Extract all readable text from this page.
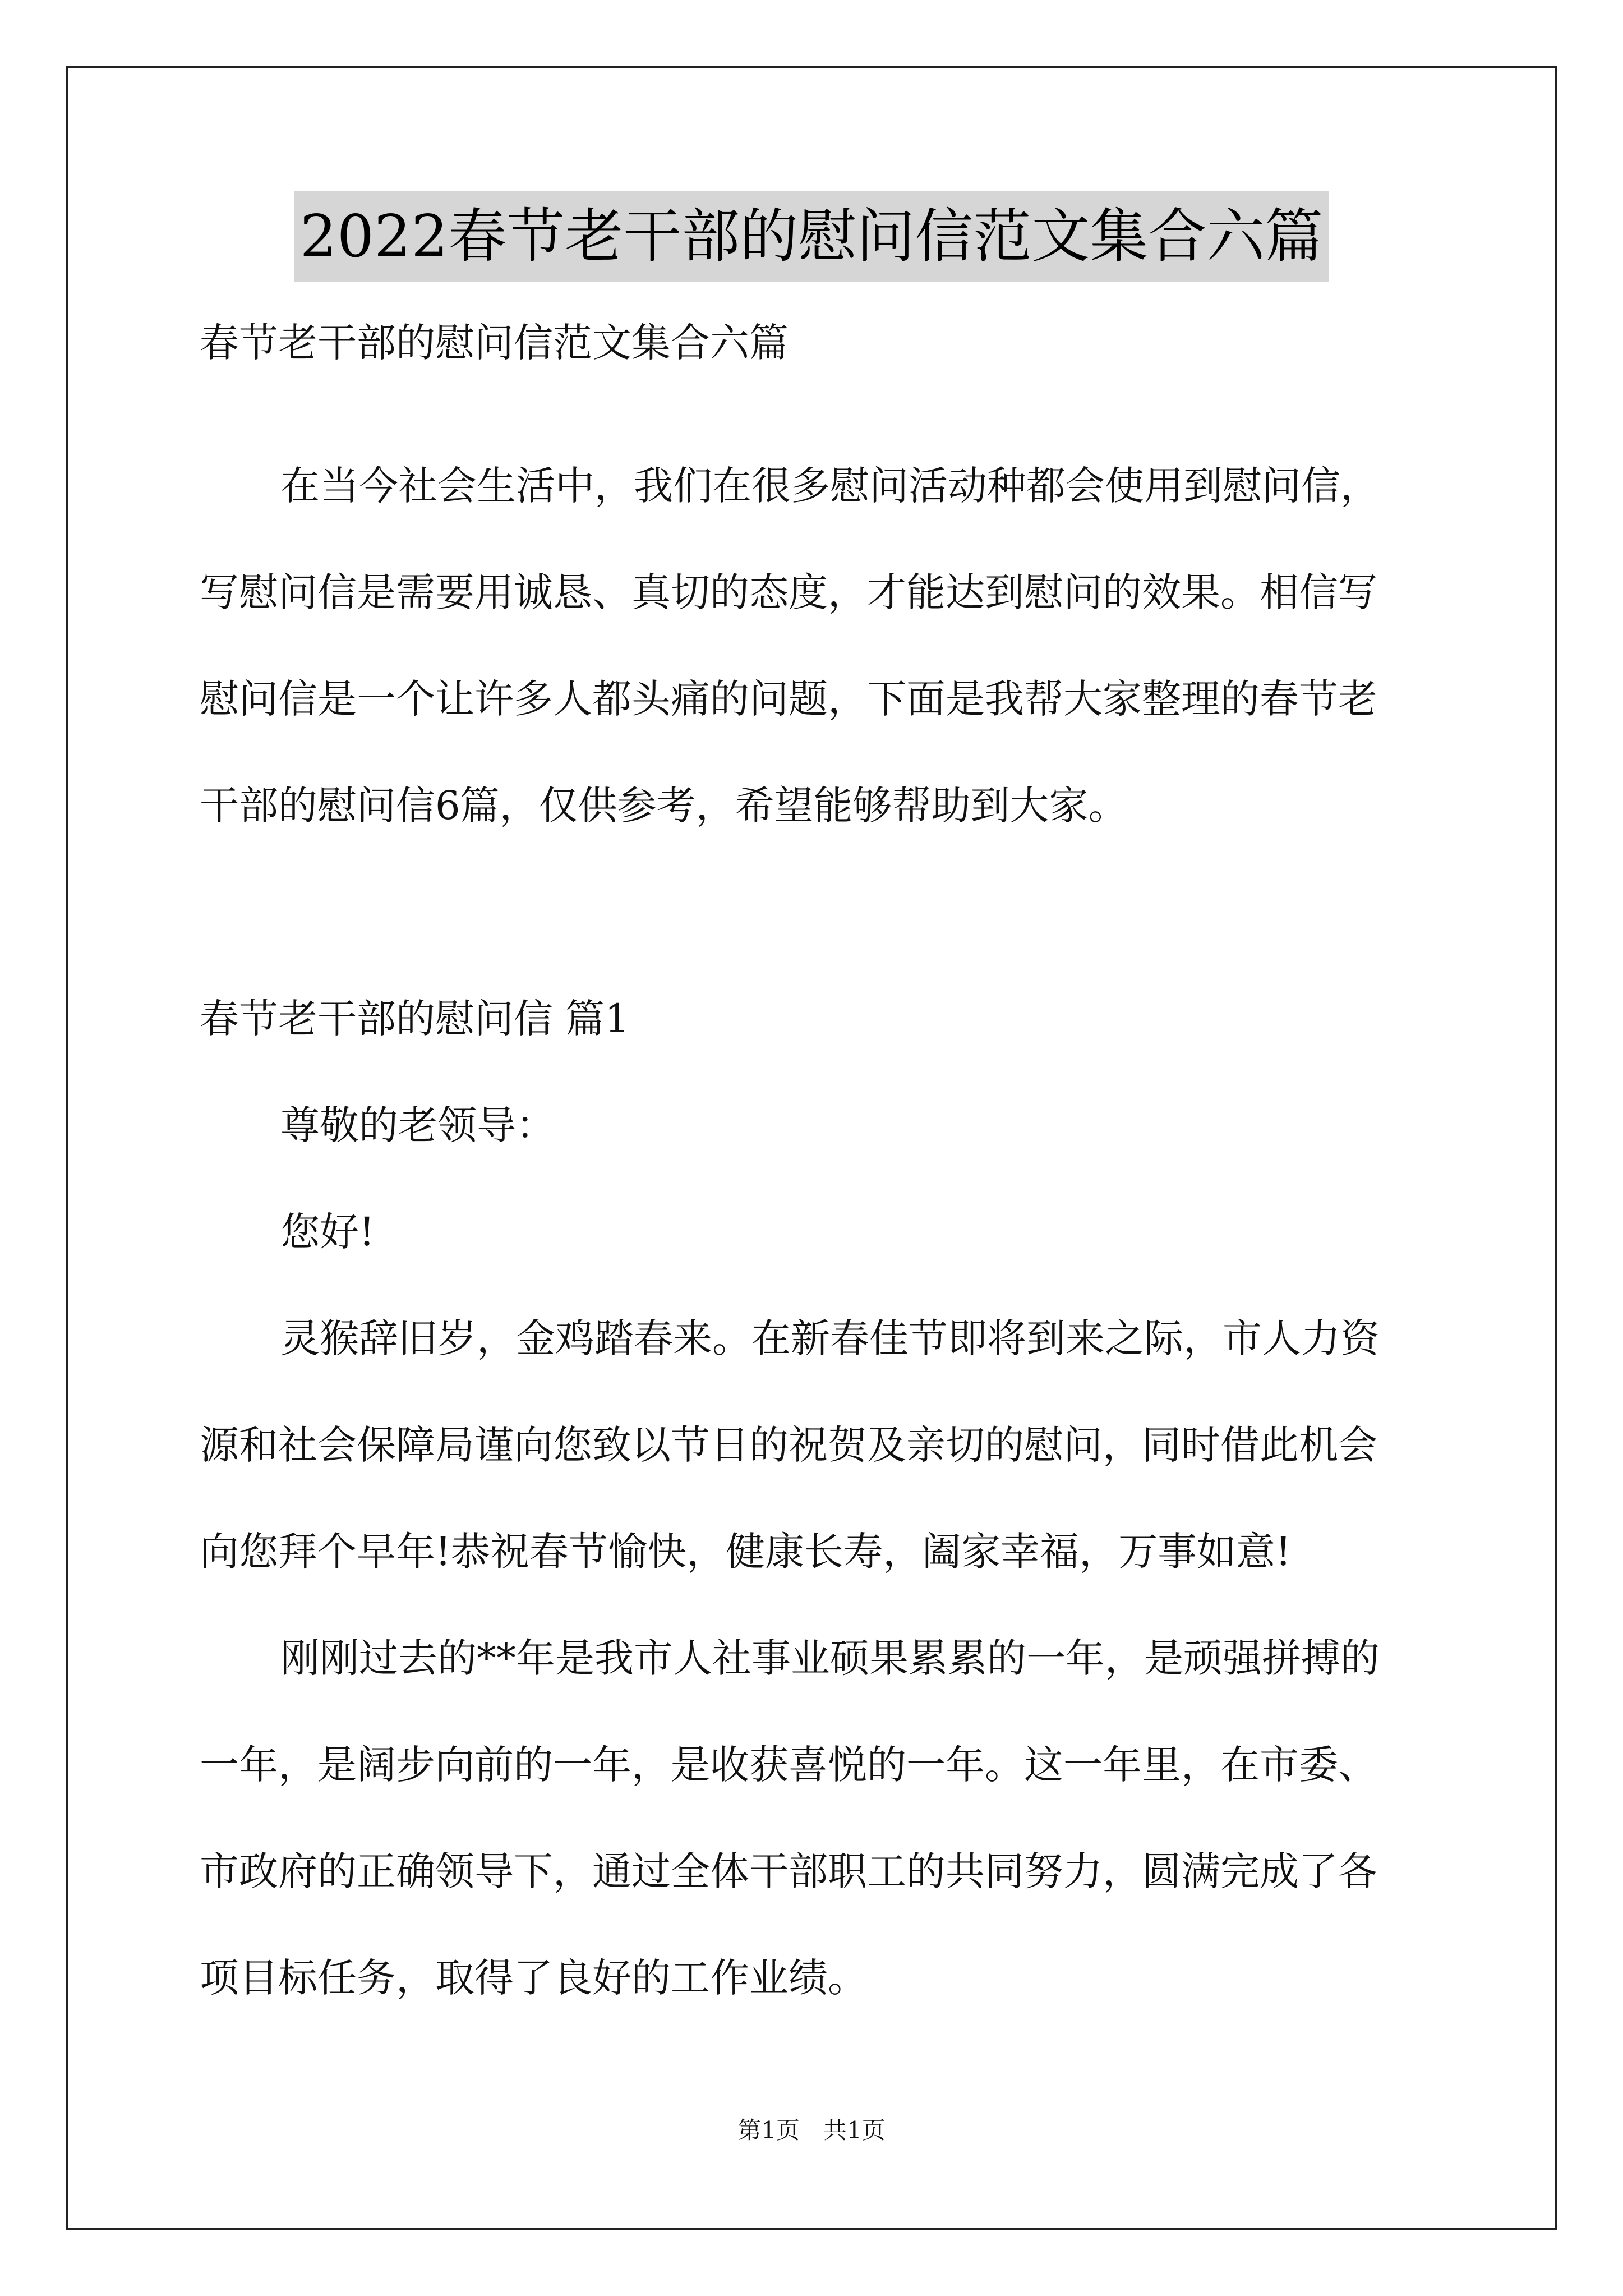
2022春节老干部的慰问信范文集合六篇
春节老干部的慰问信范文集合六篇
在当今社会生活中，我们在很多慰问活动种都会使用到慰问信，
写慰问信是需要用诚恳、真切的态度，才能达到慰问的效果。相信写
慰问信是一个让许多人都头痛的问题，下面是我帮大家整理的春节老
干部的慰问信6篇，仅供参考，希望能够帮助到大家。
春节老干部的慰问信 篇1
尊敬的老领导：
您好!
灵猴辞旧岁，金鸡踏春来。在新春佳节即将到来之际，市人力资
源和社会保障局谨向您致以节日的祝贺及亲切的慰问，同时借此机会
向您拜个早年!恭祝春节愉快，健康长寿，阖家幸福，万事如意!
刚刚过去的**年是我市人社事业硕果累累的一年，是顽强拼搏的
一年，是阔步向前的一年，是收获喜悦的一年。这一年里，在市委、
市政府的正确领导下，通过全体干部职工的共同努力，圆满完成了各
项目标任务，取得了良好的工作业绩。
第1页　共1页
